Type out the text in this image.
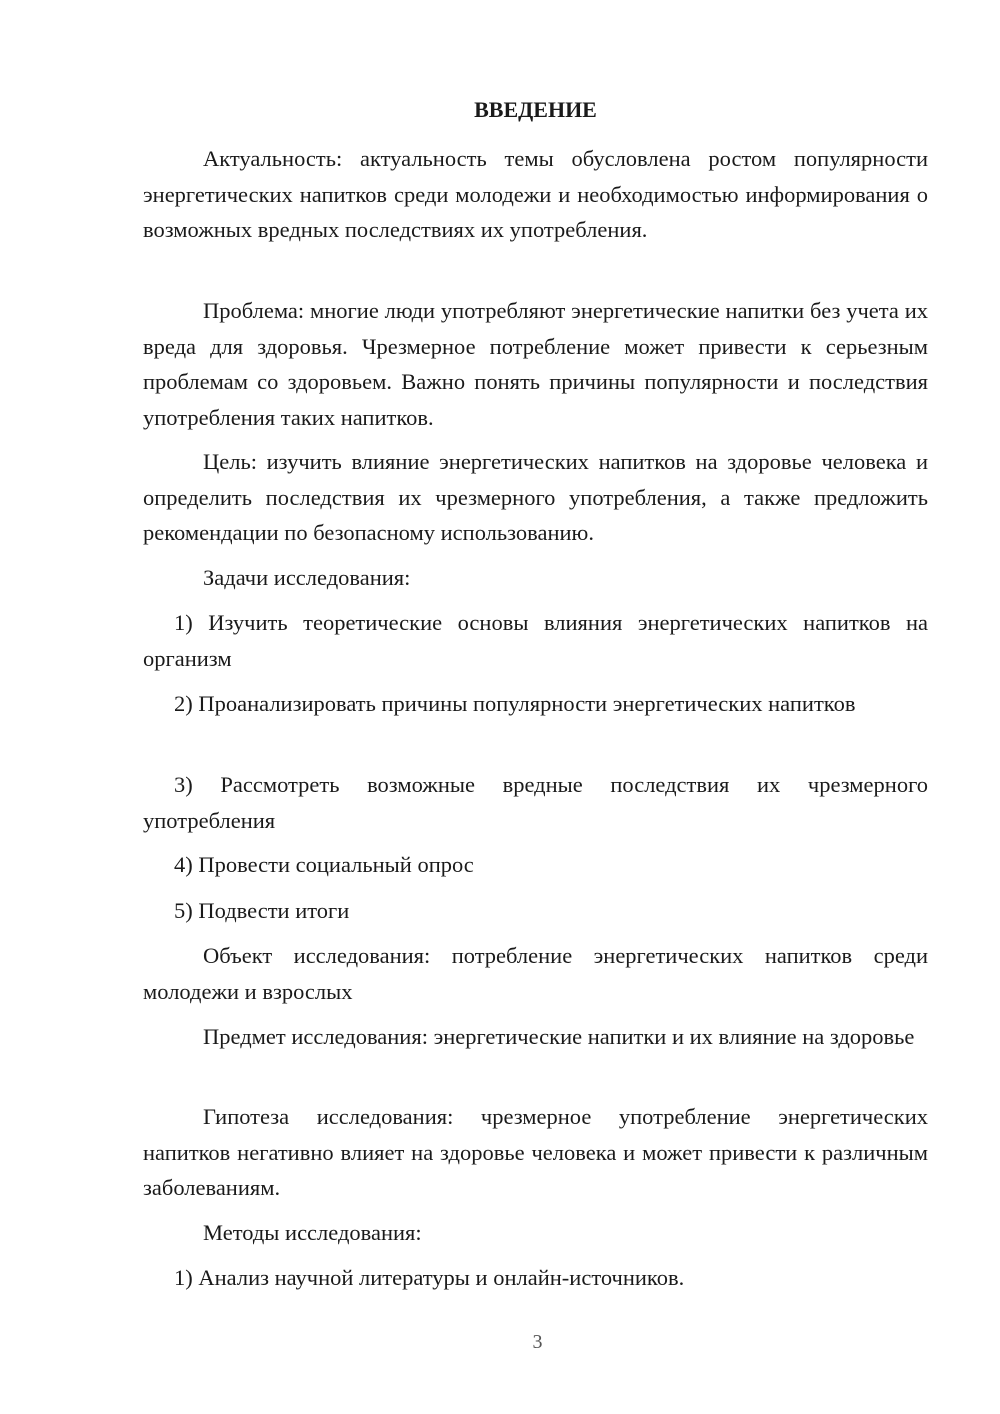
ВВЕДЕНИЕ

Актуальность: актуальность темы обусловлена ростом популярности энергетических напитков среди молодежи и необходимостью информирования о возможных вредных последствиях их употребления.

Проблема: многие люди употребляют энергетические напитки без учета их вреда для здоровья. Чрезмерное потребление может привести к серьезным проблемам со здоровьем. Важно понять причины популярности и последствия употребления таких напитков.

Цель: изучить влияние энергетических напитков на здоровье человека и определить последствия их чрезмерного употребления, а также предложить рекомендации по безопасному использованию.

Задачи исследования:

1) Изучить теоретические основы влияния энергетических напитков на организм

2) Проанализировать причины популярности энергетических напитков

3) Рассмотреть возможные вредные последствия их чрезмерного употребления

4) Провести социальный опрос

5) Подвести итоги

Объект исследования: потребление энергетических напитков среди молодежи и взрослых

Предмет исследования: энергетические напитки и их влияние на здоровье

Гипотеза исследования: чрезмерное употребление энергетических напитков негативно влияет на здоровье человека и может привести к различным заболеваниям.

Методы исследования:

1) Анализ научной литературы и онлайн-источников.

3
